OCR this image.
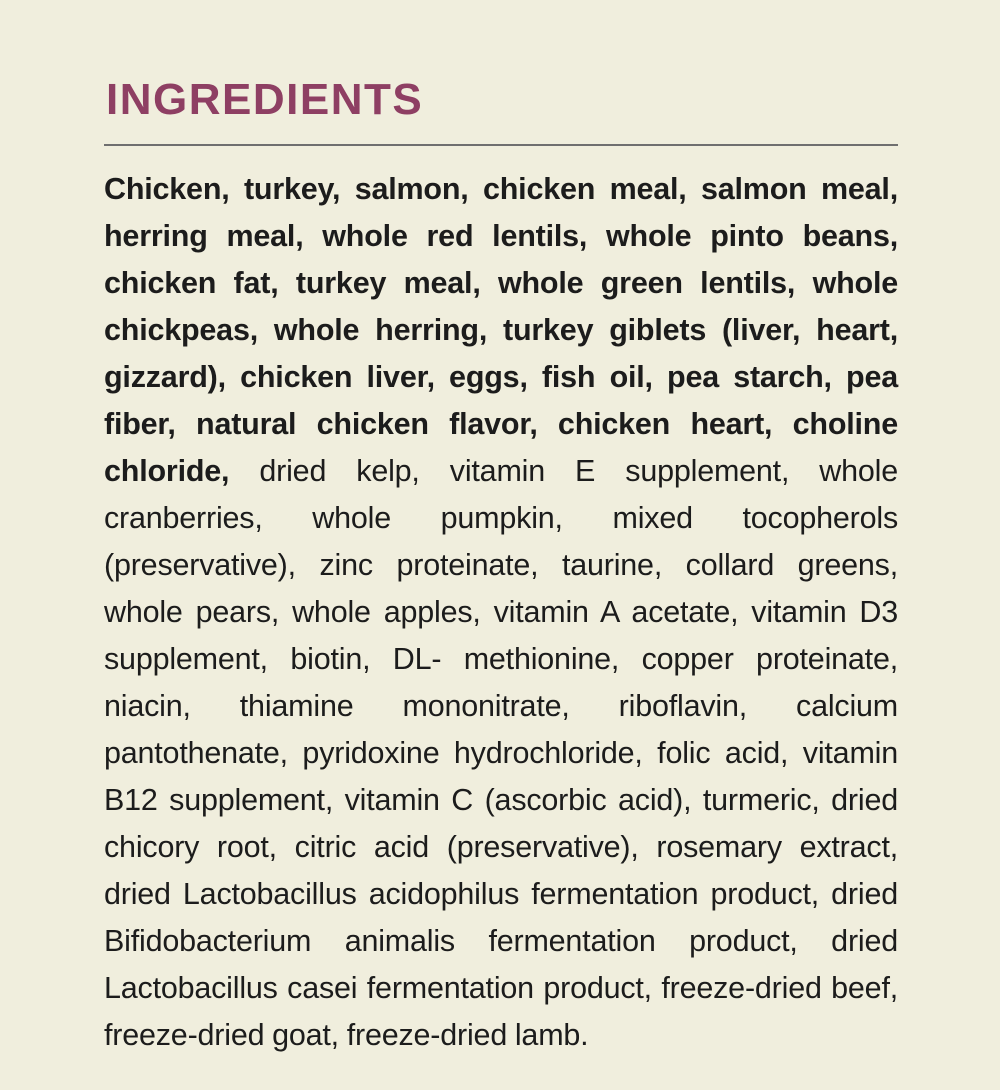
INGREDIENTS

Chicken, turkey, salmon, chicken meal, salmon meal, herring meal, whole red lentils, whole pinto beans, chicken fat, turkey meal, whole green lentils, whole chickpeas, whole herring, turkey giblets (liver, heart, gizzard), chicken liver, eggs, fish oil, pea starch, pea fiber, natural chicken flavor, chicken heart, choline chloride, dried kelp, vitamin E supplement, whole cranberries, whole pumpkin, mixed tocopherols (preservative), zinc proteinate, taurine, collard greens, whole pears, whole apples, vitamin A acetate, vitamin D3 supplement, biotin, DL- methionine, copper proteinate, niacin, thiamine mononitrate, riboflavin, calcium pantothenate, pyridoxine hydrochloride, folic acid, vitamin B12 supplement, vitamin C (ascorbic acid), turmeric, dried chicory root, citric acid (preservative), rosemary extract, dried Lactobacillus acidophilus fermentation product, dried Bifidobacterium animalis fermentation product, dried Lactobacillus casei fermentation product, freeze-dried beef, freeze-dried goat, freeze-dried lamb.
